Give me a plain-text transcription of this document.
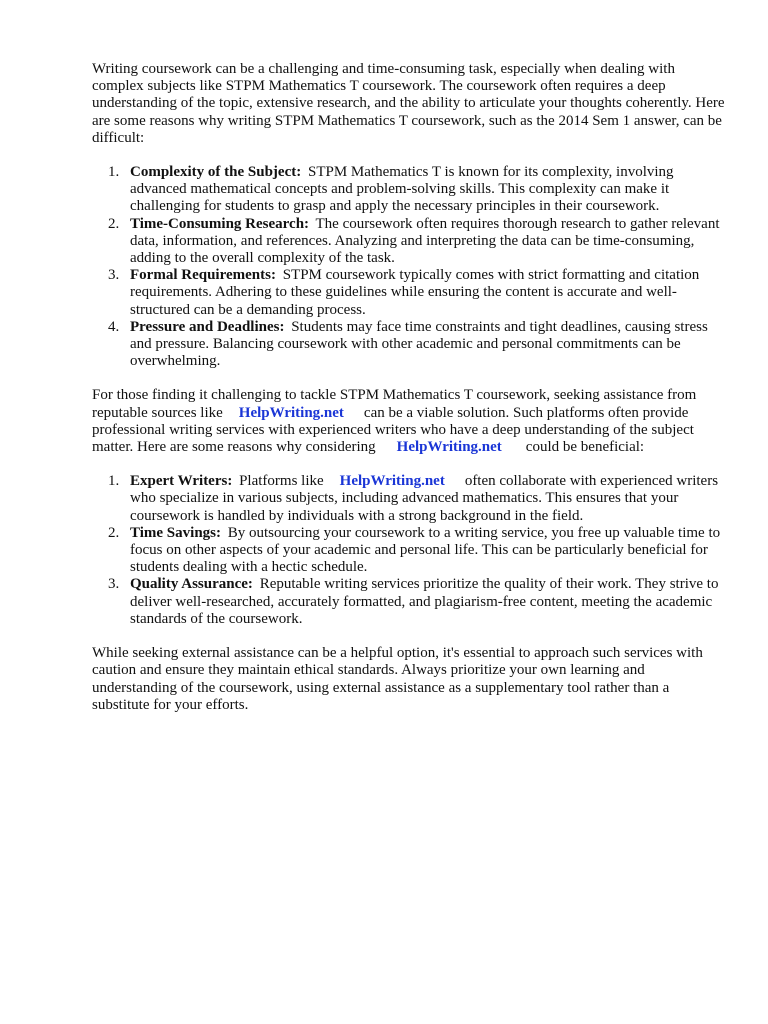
Writing coursework can be a challenging and time-consuming task, especially when dealing with complex subjects like STPM Mathematics T coursework. The coursework often requires a deep understanding of the topic, extensive research, and the ability to articulate your thoughts coherently. Here are some reasons why writing STPM Mathematics T coursework, such as the 2014 Sem 1 answer, can be difficult:

1. Complexity of the Subject: STPM Mathematics T is known for its complexity, involving advanced mathematical concepts and problem-solving skills. This complexity can make it challenging for students to grasp and apply the necessary principles in their coursework.
2. Time-Consuming Research: The coursework often requires thorough research to gather relevant data, information, and references. Analyzing and interpreting the data can be time-consuming, adding to the overall complexity of the task.
3. Formal Requirements: STPM coursework typically comes with strict formatting and citation requirements. Adhering to these guidelines while ensuring the content is accurate and well-structured can be a demanding process.
4. Pressure and Deadlines: Students may face time constraints and tight deadlines, causing stress and pressure. Balancing coursework with other academic and personal commitments can be overwhelming.

For those finding it challenging to tackle STPM Mathematics T coursework, seeking assistance from reputable sources like HelpWriting.net can be a viable solution. Such platforms often provide professional writing services with experienced writers who have a deep understanding of the subject matter. Here are some reasons why considering HelpWriting.net could be beneficial:

1. Expert Writers: Platforms like HelpWriting.net often collaborate with experienced writers who specialize in various subjects, including advanced mathematics. This ensures that your coursework is handled by individuals with a strong background in the field.
2. Time Savings: By outsourcing your coursework to a writing service, you free up valuable time to focus on other aspects of your academic and personal life. This can be particularly beneficial for students dealing with a hectic schedule.
3. Quality Assurance: Reputable writing services prioritize the quality of their work. They strive to deliver well-researched, accurately formatted, and plagiarism-free content, meeting the academic standards of the coursework.

While seeking external assistance can be a helpful option, it's essential to approach such services with caution and ensure they maintain ethical standards. Always prioritize your own learning and understanding of the coursework, using external assistance as a supplementary tool rather than a substitute for your efforts.
